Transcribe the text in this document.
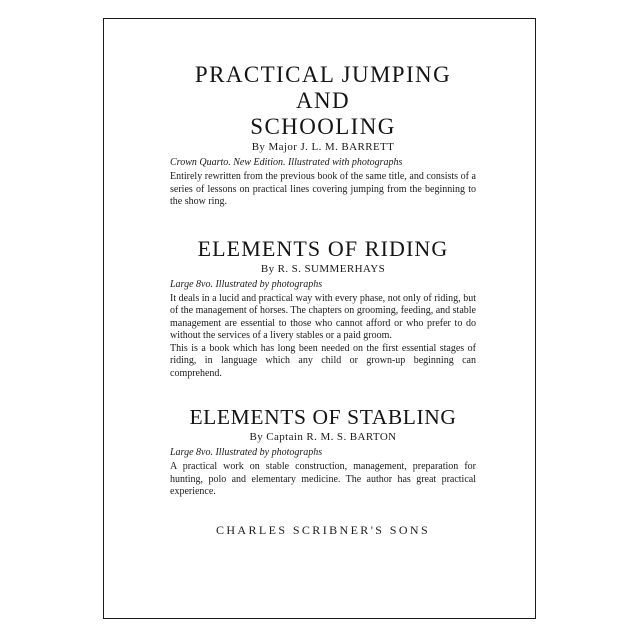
PRACTICAL JUMPING AND
SCHOOLING
By Major J. L. M. BARRETT
Crown Quarto. New Edition. Illustrated with photographs

Entirely rewritten from the previous book of the same title, and consists of a series of lessons on practical lines covering jumping from the beginning to the show ring.

ELEMENTS OF RIDING
By R. S. SUMMERHAYS
Large 8vo. Illustrated by photographs

It deals in a lucid and practical way with every phase, not only of riding, but of the management of horses. The chapters on grooming, feeding, and stable management are essential to those who cannot afford or who prefer to do without the services of a livery stables or a paid groom.

This is a book which has long been needed on the first essential stages of riding, in language which any child or grown-up beginning can comprehend.

ELEMENTS OF STABLING
By Captain R. M. S. BARTON
Large 8vo. Illustrated by photographs

A practical work on stable construction, management, preparation for hunting, polo and elementary medicine. The author has great practical experience.

CHARLES SCRIBNER'S SONS
